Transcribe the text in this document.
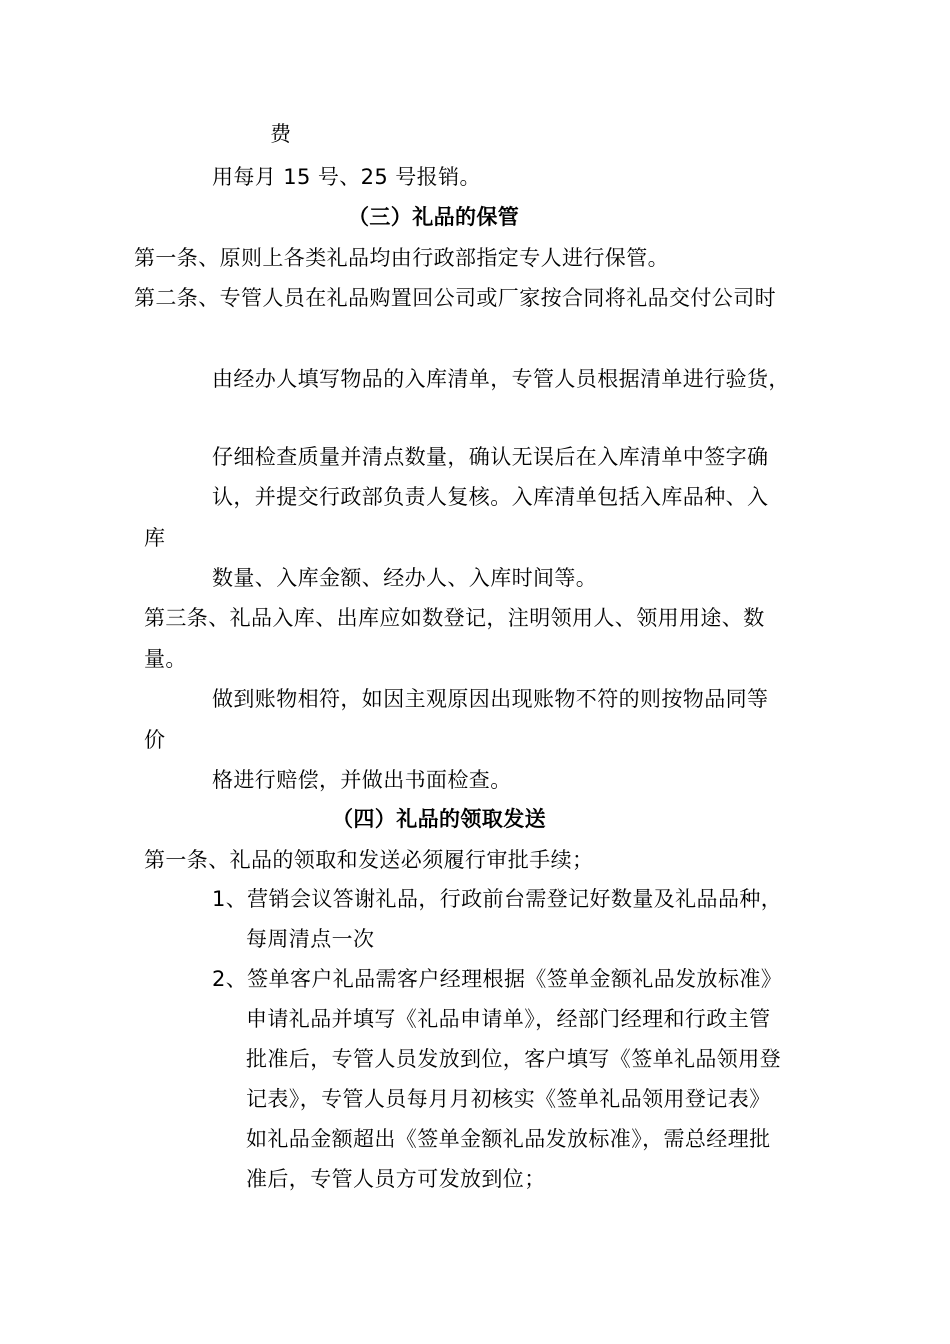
费
用每月 15 号、25 号报销。
（三）礼品的保管
第一条、原则上各类礼品均由行政部指定专人进行保管。
第二条、专管人员在礼品购置回公司或厂家按合同将礼品交付公司时
由经办人填写物品的入库清单，专管人员根据清单进行验货，
仔细检查质量并清点数量，确认无误后在入库清单中签字确
认，并提交行政部负责人复核。入库清单包括入库品种、入
库
数量、入库金额、经办人、入库时间等。
第三条、礼品入库、出库应如数登记，注明领用人、领用用途、数
量。
做到账物相符，如因主观原因出现账物不符的则按物品同等
价
格进行赔偿，并做出书面检查。
（四）礼品的领取发送
第一条、礼品的领取和发送必须履行审批手续；
1、营销会议答谢礼品，行政前台需登记好数量及礼品品种，
每周清点一次
2、签单客户礼品需客户经理根据《签单金额礼品发放标准》
申请礼品并填写《礼品申请单》，经部门经理和行政主管
批准后，专管人员发放到位，客户填写《签单礼品领用登
记表》，专管人员每月月初核实《签单礼品领用登记表》
如礼品金额超出《签单金额礼品发放标准》，需总经理批
准后，专管人员方可发放到位；
